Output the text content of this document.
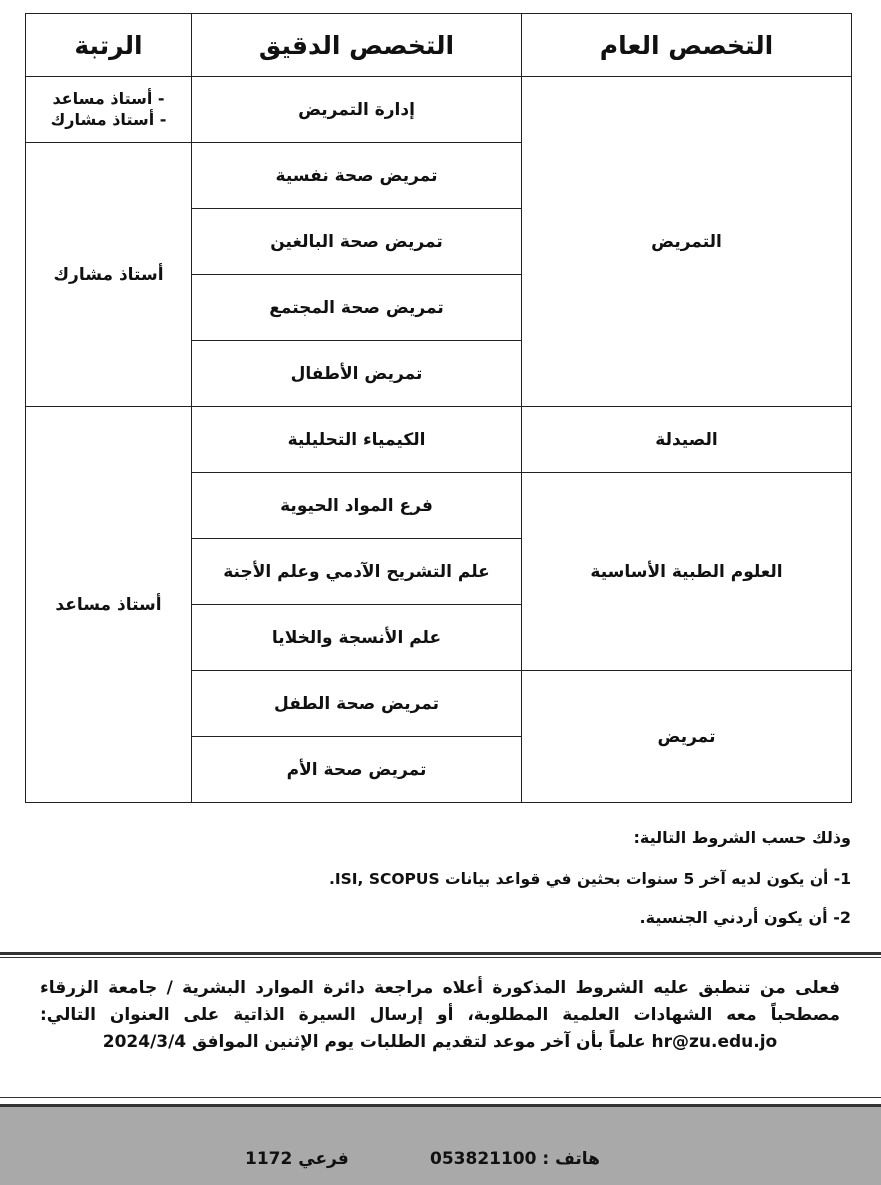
التخصص العام	التخصص الدقيق	الرتبة
التمريض	إدارة التمريض	- أستاذ مساعد
- أستاذ مشارك

	تمريض صحة نفسية	أستاذ مشارك
	تمريض صحة البالغين	
	تمريض صحة المجتمع	
	تمريض الأطفال	
الصيدلة	الكيمياء التحليلية	أستاذ مساعد
العلوم الطبية الأساسية	فرع المواد الحيوية	
	علم التشريح الآدمي وعلم الأجنة	
	علم الأنسجة والخلايا	
تمريض	تمريض صحة الطفل	
	تمريض صحة الأم	
وذلك حسب الشروط التالية:
1- أن يكون لديه آخر 5 سنوات بحثين في قواعد بيانات ISI, SCOPUS.
2- أن يكون أردني الجنسية.
فعلى من تنطبق عليه الشروط المذكورة أعلاه مراجعة دائرة الموارد البشرية / جامعة الزرقاء مصطحباً معه الشهادات العلمية المطلوبة، أو إرسال السيرة الذاتية على العنوان التالي: hr@zu.edu.jo علماً بأن آخر موعد لتقديم الطلبات يوم الإثنين الموافق 2024/3/4
هاتف : 053821100
فرعي 1172
